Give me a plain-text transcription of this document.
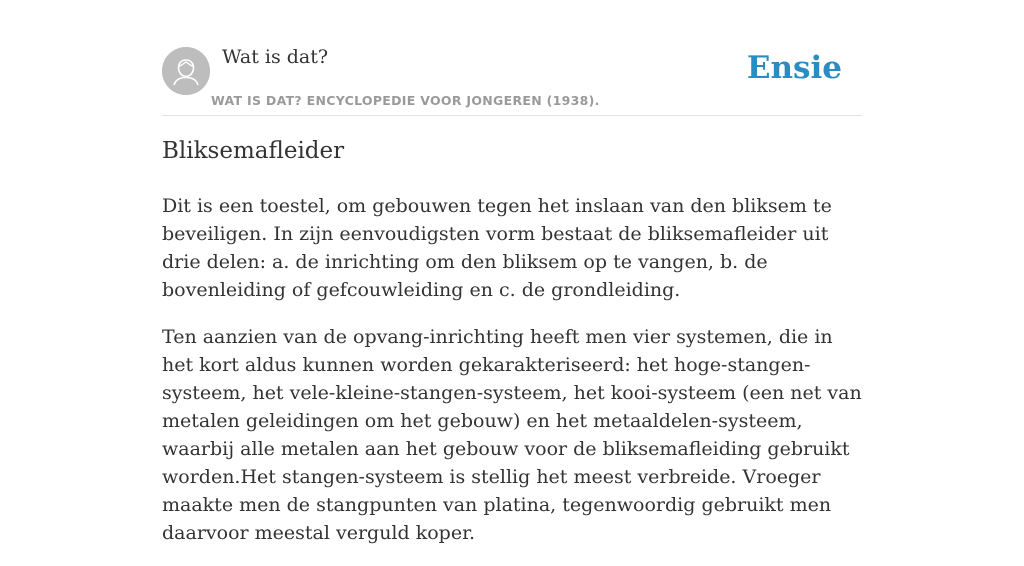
Wat is dat?
WAT IS DAT? ENCYCLOPEDIE VOOR JONGEREN (1938).
Ensie
Bliksemafleider

Dit is een toestel, om gebouwen tegen het inslaan van den bliksem te beveiligen. In zijn eenvoudigsten vorm bestaat de bliksemafleider uit drie delen: a. de inrichting om den bliksem op te vangen, b. de bovenleiding of gefcouwleiding en c. de grondleiding.

Ten aanzien van de opvang-inrichting heeft men vier systemen, die in het kort aldus kunnen worden gekarakteriseerd: het hoge-stangen-systeem, het vele-kleine-stangen-systeem, het kooi-systeem (een net van metalen geleidingen om het gebouw) en het metaaldelen-systeem, waarbij alle metalen aan het gebouw voor de bliksemafleiding gebruikt worden.Het stangen-systeem is stellig het meest verbreide. Vroeger maakte men de stangpunten van platina, tegenwoordig gebruikt men daarvoor meestal verguld koper.
